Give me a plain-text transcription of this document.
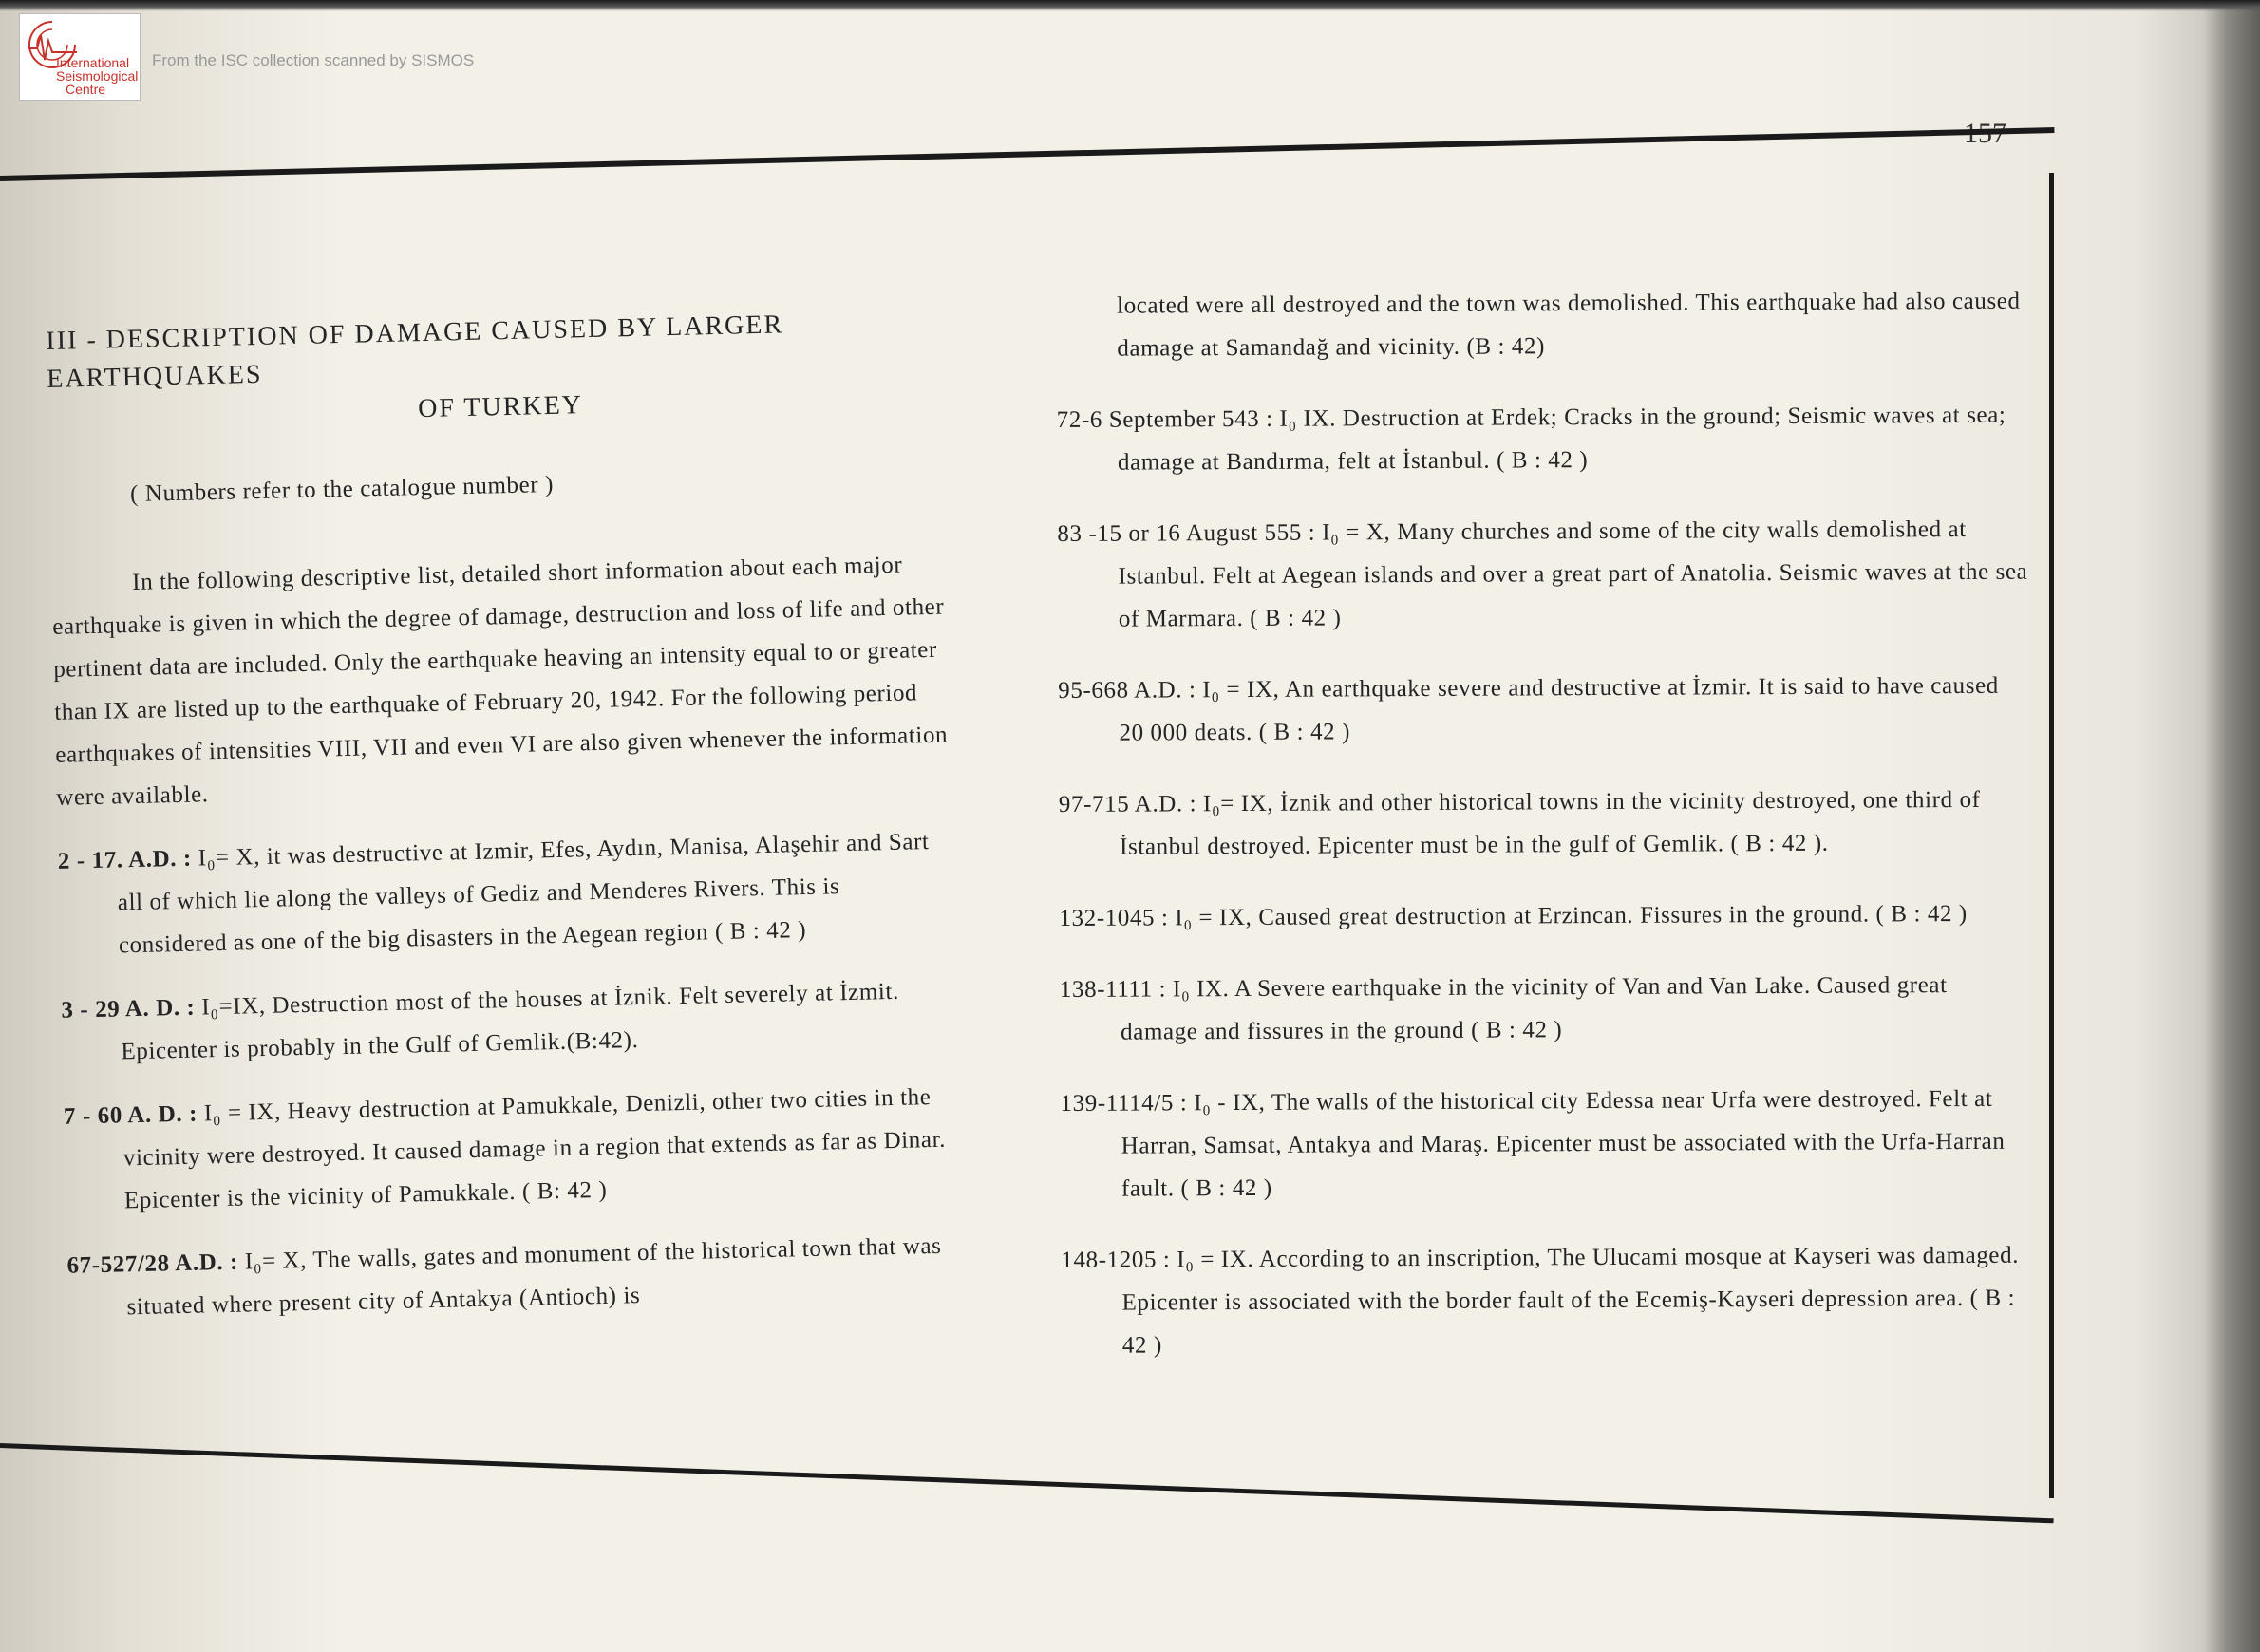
International
Seismological
Centre
From the ISC collection scanned by SISMOS

III - DESCRIPTION OF DAMAGE CAUSED BY LARGER EARTHQUAKES
OF TURKEY

( Numbers refer to the catalogue number )

In the following descriptive list, detailed short information about each major earthquake is given in which the degree of damage, destruction and loss of life and other pertinent data are included. Only the earthquake heaving an intensity equal to or greater than IX are listed up to the earthquake of February 20, 1942. For the following period earthquakes of intensities VIII, VII and even VI are also given whenever the information were available.

2 - 17. A.D. : I₀= X, it was destructive at Izmir, Efes, Aydın, Manisa, Alaşehir and Sart all of which lie along the valleys of Gediz and Menderes Rivers. This is considered as one of the big disasters in the Aegean region ( B : 42 )

3 - 29 A. D. : I₀=IX, Destruction most of the houses at İznik. Felt severely at İzmit. Epicenter is probably in the Gulf of Gemlik.(B:42).

7 - 60 A. D. : I₀ = IX, Heavy destruction at Pamukkale, Denizli, other two cities in the vicinity were destroyed. It caused damage in a region that extends as far as Dinar. Epicenter is the vicinity of Pamukkale. ( B: 42 )

67-527/28 A.D. : I₀= X, The walls, gates and monument of the historical town that was situated where present city of Antakya (Antioch) is

located were all destroyed and the town was demolished. This earthquake had also caused damage at Samandağ and vicinity. (B : 42)

72-6 September 543 : I₀ IX. Destruction at Erdek; Cracks in the ground; Seismic waves at sea; damage at Bandırma, felt at İstanbul. ( B : 42 )

83 -15 or 16 August 555 : I₀ = X, Many churches and some of the city walls demolished at Istanbul. Felt at Aegean islands and over a great part of Anatolia. Seismic waves at the sea of Marmara. ( B : 42 )

95-668 A.D. : I₀ = IX, An earthquake severe and destructive at İzmir. It is said to have caused 20 000 deats. ( B : 42 )

97-715 A.D. : I₀= IX, İznik and other historical towns in the vicinity destroyed, one third of İstanbul destroyed. Epicenter must be in the gulf of Gemlik. ( B : 42 ).

132-1045 : I₀ = IX, Caused great destruction at Erzincan. Fissures in the ground. ( B : 42 )

138-1111 : I₀ IX. A Severe earthquake in the vicinity of Van and Van Lake. Caused great damage and fissures in the ground ( B : 42 )

139-1114/5 : I₀ - IX, The walls of the historical city Edessa near Urfa were destroyed. Felt at Harran, Samsat, Antakya and Maraş. Epicenter must be associated with the Urfa-Harran fault. ( B : 42 )

148-1205 : I₀ = IX. According to an inscription, The Ulucami mosque at Kayseri was damaged. Epicenter is associated with the border fault of the Ecemiş-Kayseri depression area. ( B : 42 )
